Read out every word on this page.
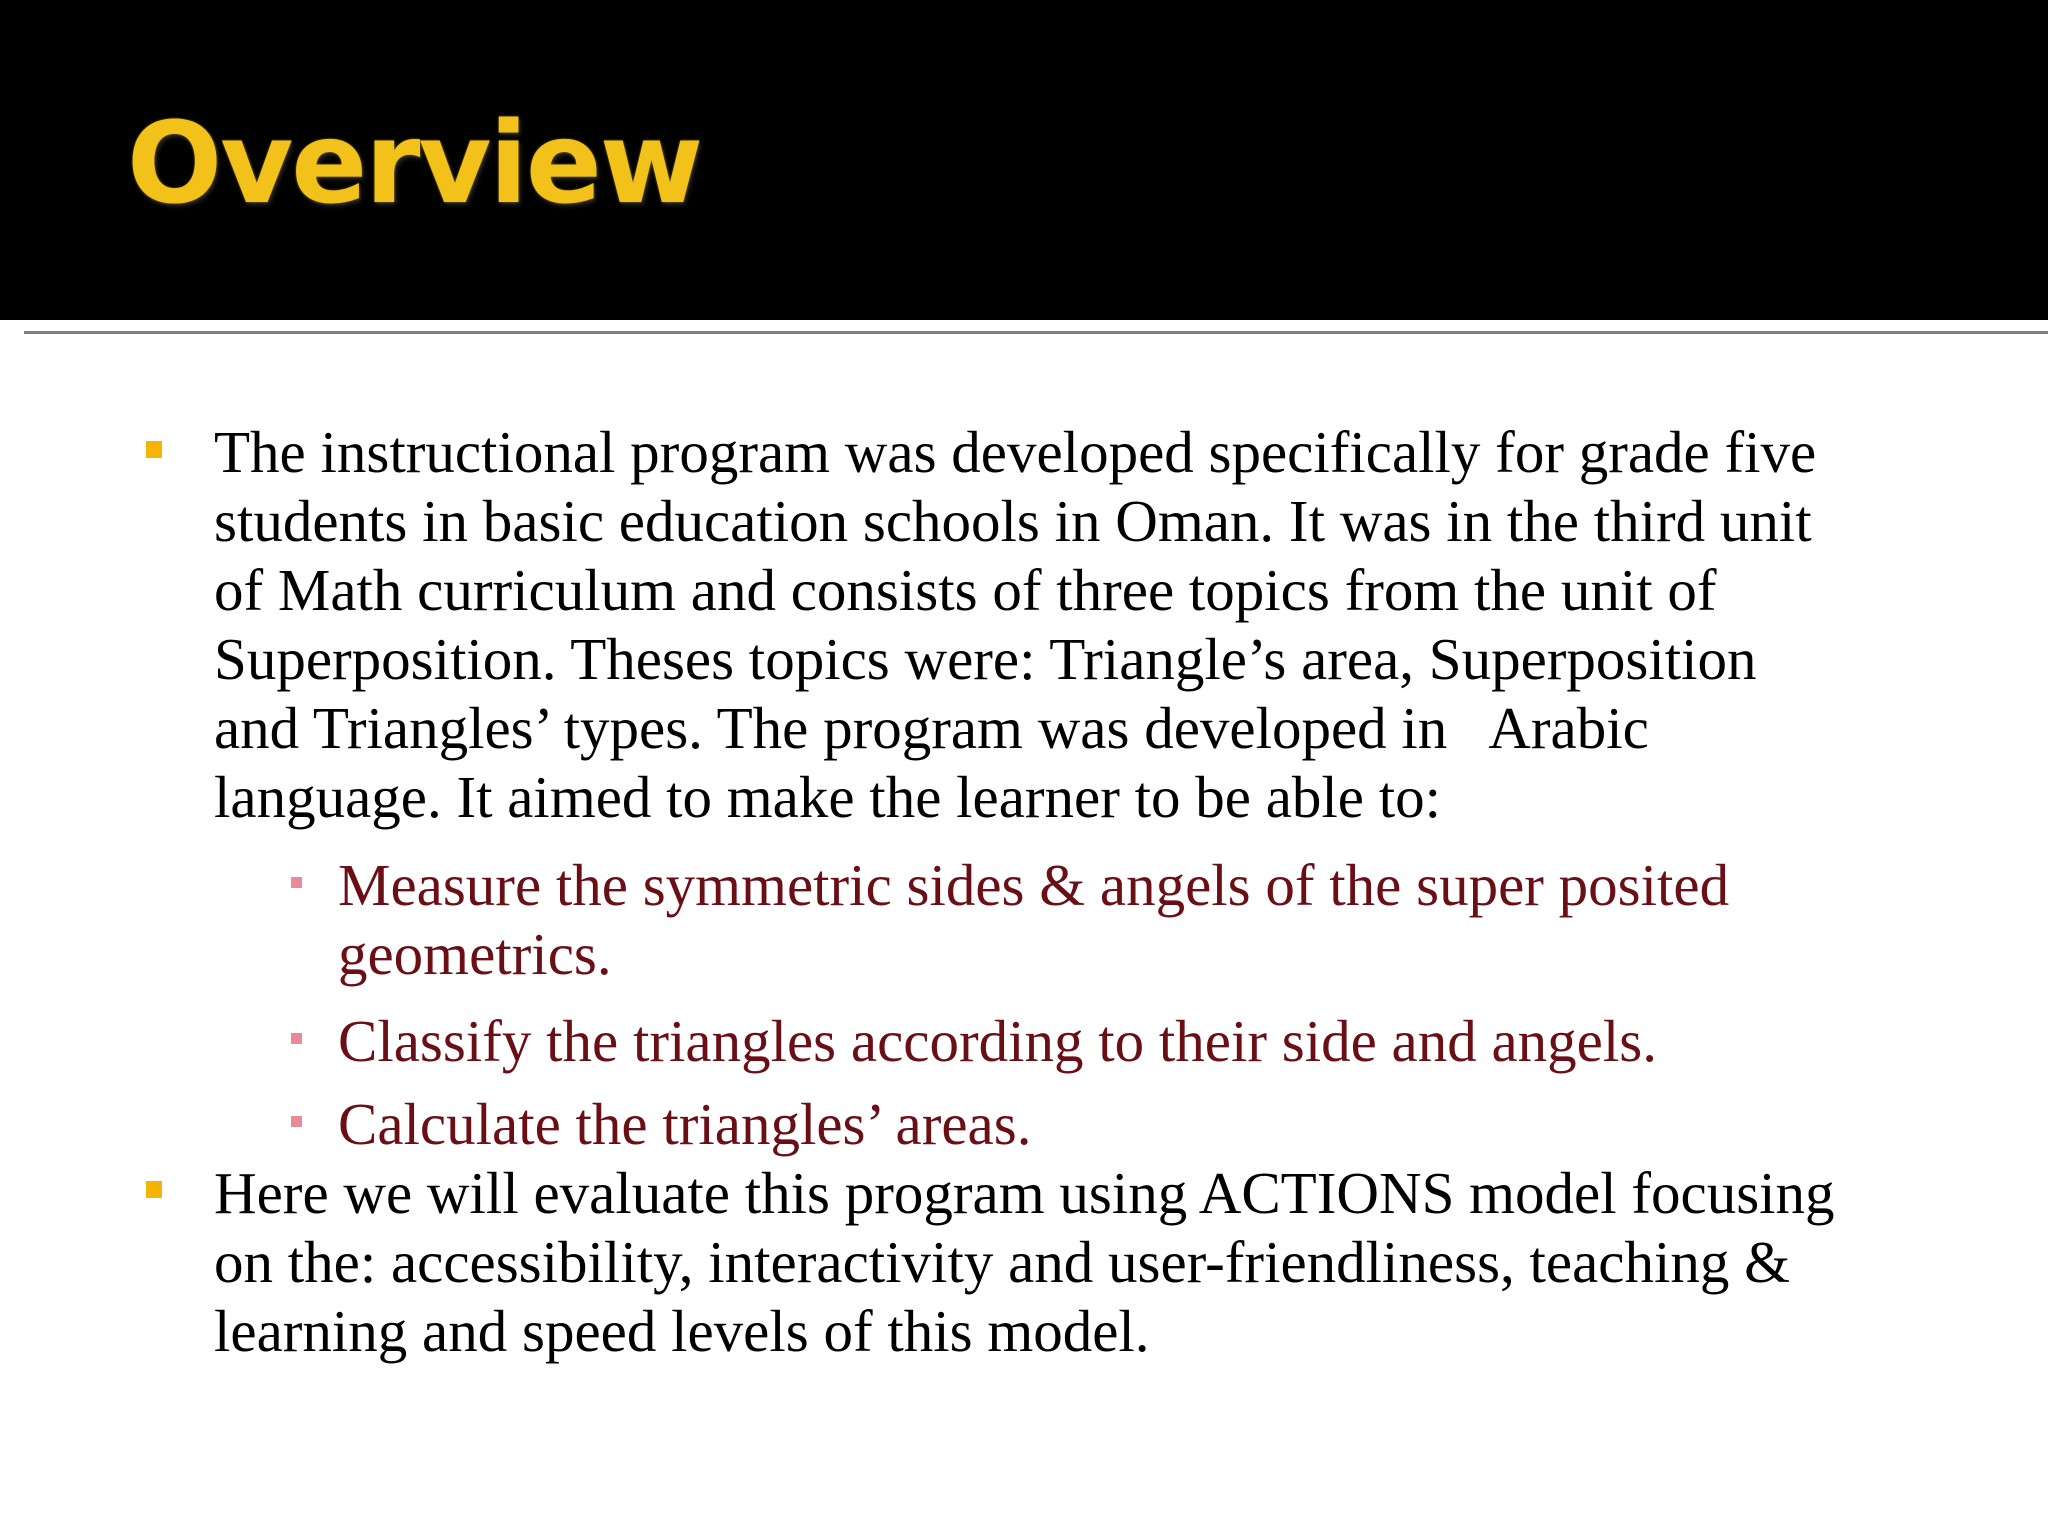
Overview
The instructional program was developed specifically for grade five
students in basic education schools in Oman. It was in the third unit
of Math curriculum and consists of three topics from the unit of
Superposition. Theses topics were: Triangle’s area, Superposition
and Triangles’ types. The program was developed in   Arabic
language. It aimed to make the learner to be able to:
Measure the symmetric sides & angels of the super posited
geometrics.
Classify the triangles according to their side and angels.
Calculate the triangles’ areas.
Here we will evaluate this program using ACTIONS model focusing
on the: accessibility, interactivity and user-friendliness, teaching &
learning and speed levels of this model.
